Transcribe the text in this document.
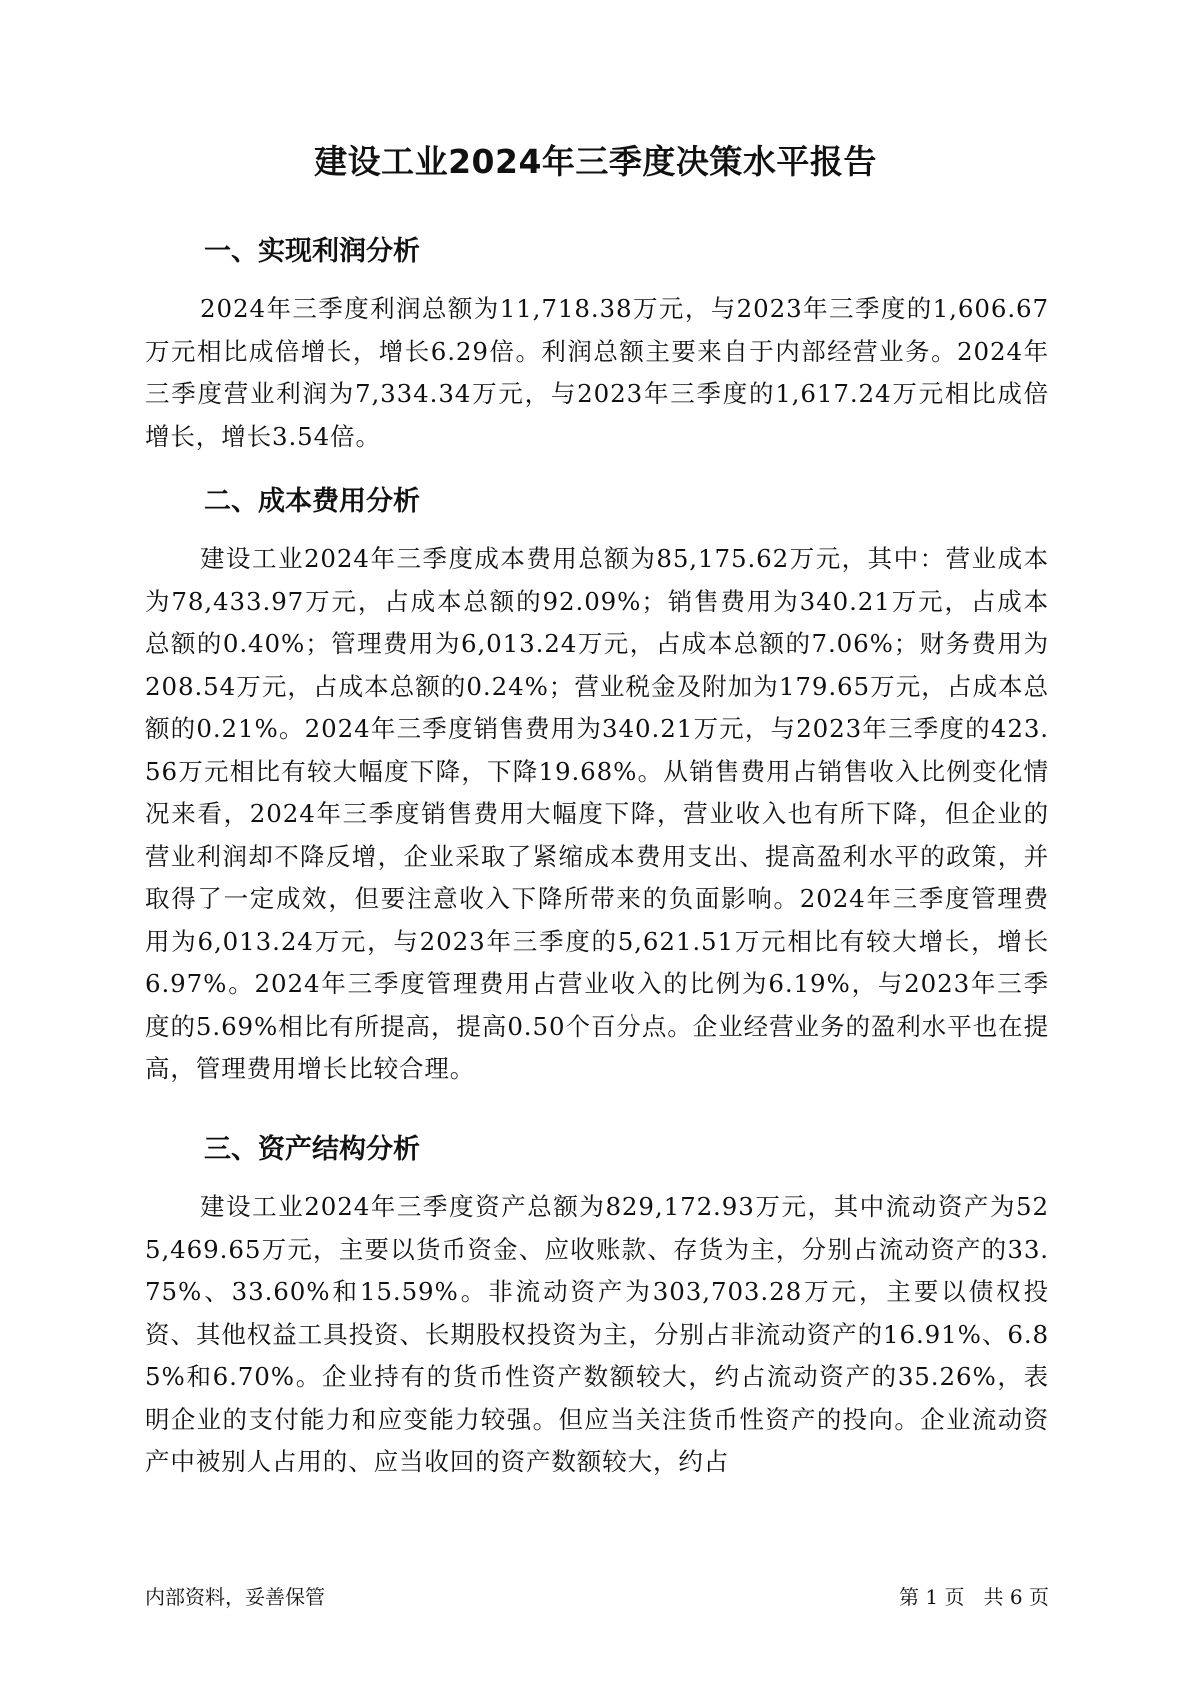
建设工业2024年三季度决策水平报告
一、实现利润分析

2024年三季度利润总额为11,718.38万元，与2023年三季度的1,606.67万元相比成倍增长，增长6.29倍。利润总额主要来自于内部经营业务。2024年三季度营业利润为7,334.34万元，与2023年三季度的1,617.24万元相比成倍增长，增长3.54倍。

二、成本费用分析

建设工业2024年三季度成本费用总额为85,175.62万元，其中：营业成本为78,433.97万元，占成本总额的92.09%；销售费用为340.21万元，占成本总额的0.40%；管理费用为6,013.24万元，占成本总额的7.06%；财务费用为208.54万元，占成本总额的0.24%；营业税金及附加为179.65万元，占成本总额的0.21%。2024年三季度销售费用为340.21万元，与2023年三季度的423.56万元相比有较大幅度下降，下降19.68%。从销售费用占销售收入比例变化情况来看，2024年三季度销售费用大幅度下降，营业收入也有所下降，但企业的营业利润却不降反增，企业采取了紧缩成本费用支出、提高盈利水平的政策，并取得了一定成效，但要注意收入下降所带来的负面影响。2024年三季度管理费用为6,013.24万元，与2023年三季度的5,621.51万元相比有较大增长，增长6.97%。2024年三季度管理费用占营业收入的比例为6.19%，与2023年三季度的5.69%相比有所提高，提高0.50个百分点。企业经营业务的盈利水平也在提高，管理费用增长比较合理。

三、资产结构分析

建设工业2024年三季度资产总额为829,172.93万元，其中流动资产为525,469.65万元，主要以货币资金、应收账款、存货为主，分别占流动资产的33.75%、33.60%和15.59%。非流动资产为303,703.28万元，主要以债权投资、其他权益工具投资、长期股权投资为主，分别占非流动资产的16.91%、6.85%和6.70%。企业持有的货币性资产数额较大，约占流动资产的35.26%，表明企业的支付能力和应变能力较强。但应当关注货币性资产的投向。企业流动资产中被别人占用的、应当收回的资产数额较大，约占

内部资料，妥善保管	第 1 页   共 6 页
